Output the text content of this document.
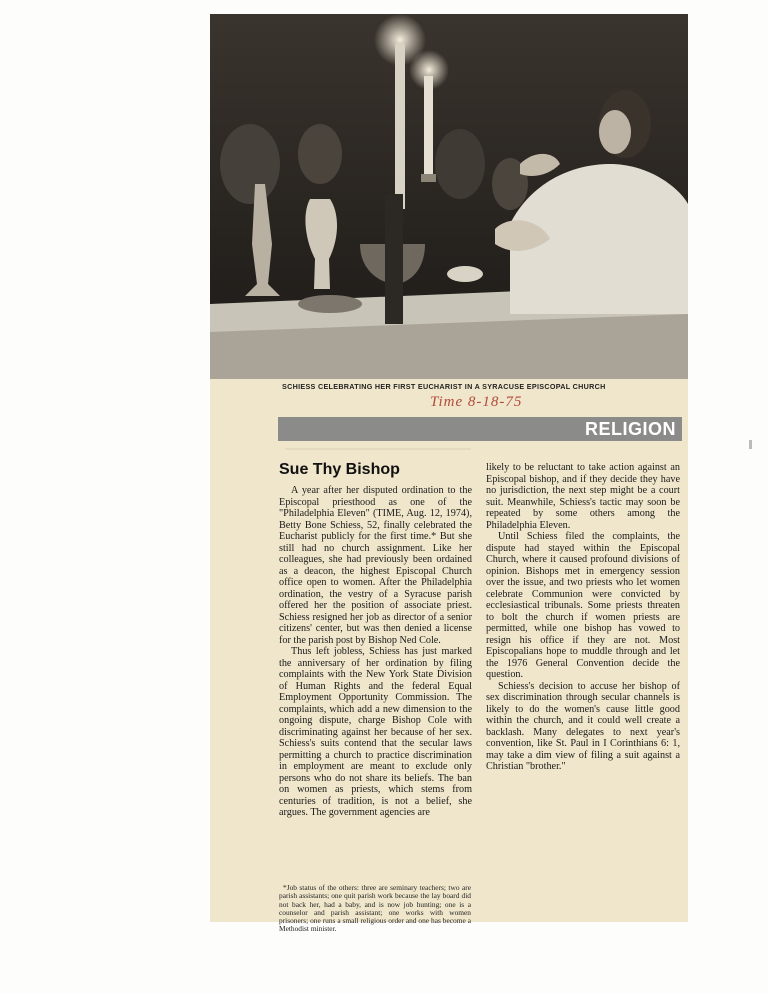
SCHIESS CELEBRATING HER FIRST EUCHARIST IN A SYRACUSE EPISCOPAL CHURCH
Time 8-18-75
RELIGION
Sue Thy Bishop

A year after her disputed ordination to the Episcopal priesthood as one of the "Philadelphia Eleven" (TIME, Aug. 12, 1974), Betty Bone Schiess, 52, finally celebrated the Eucharist publicly for the first time.* But she still had no church assignment. Like her colleagues, she had previously been ordained as a deacon, the highest Episcopal Church office open to women. After the Philadelphia ordination, the vestry of a Syracuse parish offered her the position of associate priest. Schiess resigned her job as director of a senior citizens' center, but was then denied a license for the parish post by Bishop Ned Cole.

Thus left jobless, Schiess has just marked the anniversary of her ordination by filing complaints with the New York State Division of Human Rights and the federal Equal Employment Opportunity Commission. The complaints, which add a new dimension to the ongoing dispute, charge Bishop Cole with discriminating against her because of her sex. Schiess's suits contend that the secular laws permitting a church to practice discrimination in employment are meant to exclude only persons who do not share its beliefs. The ban on women as priests, which stems from centuries of tradition, is not a belief, she argues. The government agencies are

likely to be reluctant to take action against an Episcopal bishop, and if they decide they have no jurisdiction, the next step might be a court suit. Meanwhile, Schiess's tactic may soon be repeated by some others among the Philadelphia Eleven.

Until Schiess filed the complaints, the dispute had stayed within the Episcopal Church, where it caused profound divisions of opinion. Bishops met in emergency session over the issue, and two priests who let women celebrate Communion were convicted by ecclesiastical tribunals. Some priests threaten to bolt the church if women priests are permitted, while one bishop has vowed to resign his office if they are not. Most Episcopalians hope to muddle through and let the 1976 General Convention decide the question.

Schiess's decision to accuse her bishop of sex discrimination through secular channels is likely to do the women's cause little good within the church, and it could well create a backlash. Many delegates to next year's convention, like St. Paul in I Corinthians 6: 1, may take a dim view of filing a suit against a Christian "brother."

*Job status of the others: three are seminary teachers; two are parish assistants; one quit parish work because the lay board did not back her, had a baby, and is now job hunting; one is a counselor and parish assistant; one works with women prisoners; one runs a small religious order and one has become a Methodist minister.
